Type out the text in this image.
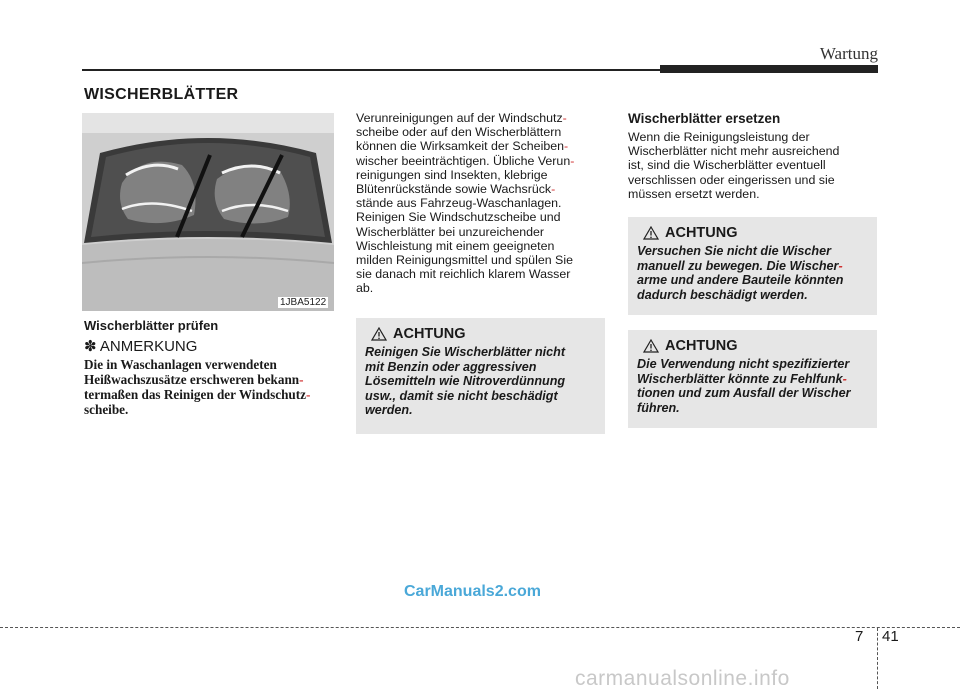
Wartung
WISCHERBLÄTTER
1JBA5122

Wischerblätter prüfen

✽ ANMERKUNG

Die in Waschanlagen verwendeten
Heißwachszusätze erschweren bekann-
termaßen das Reinigen der Windschutz-
scheibe.

Verunreinigungen auf der Windschutz-
scheibe oder auf den Wischerblättern
können die Wirksamkeit der Scheiben-
wischer beeinträchtigen. Übliche Verun-
reinigungen sind Insekten, klebrige
Blütenrückstände sowie Wachsrück-
stände aus Fahrzeug-Waschanlagen.
Reinigen Sie Windschutzscheibe und
Wischerblätter bei unzureichender
Wischleistung mit einem geeigneten
milden Reinigungsmittel und spülen Sie
sie danach mit reichlich klarem Wasser
ab.

ACHTUNG

Reinigen Sie Wischerblätter nicht
mit Benzin oder aggressiven
Lösemitteln wie Nitroverdünnung
usw., damit sie nicht beschädigt
werden.

Wischerblätter ersetzen

Wenn die Reinigungsleistung der
Wischerblätter nicht mehr ausreichend
ist, sind die Wischerblätter eventuell
verschlissen oder eingerissen und sie
müssen ersetzt werden.

ACHTUNG

Versuchen Sie nicht die Wischer
manuell zu bewegen. Die Wischer-
arme und andere Bauteile könnten
dadurch beschädigt werden.

ACHTUNG

Die Verwendung nicht spezifizierter
Wischerblätter könnte zu Fehlfunk-
tionen und zum Ausfall der Wischer
führen.

CarManuals2.com
7 41
carmanualsonline.info
